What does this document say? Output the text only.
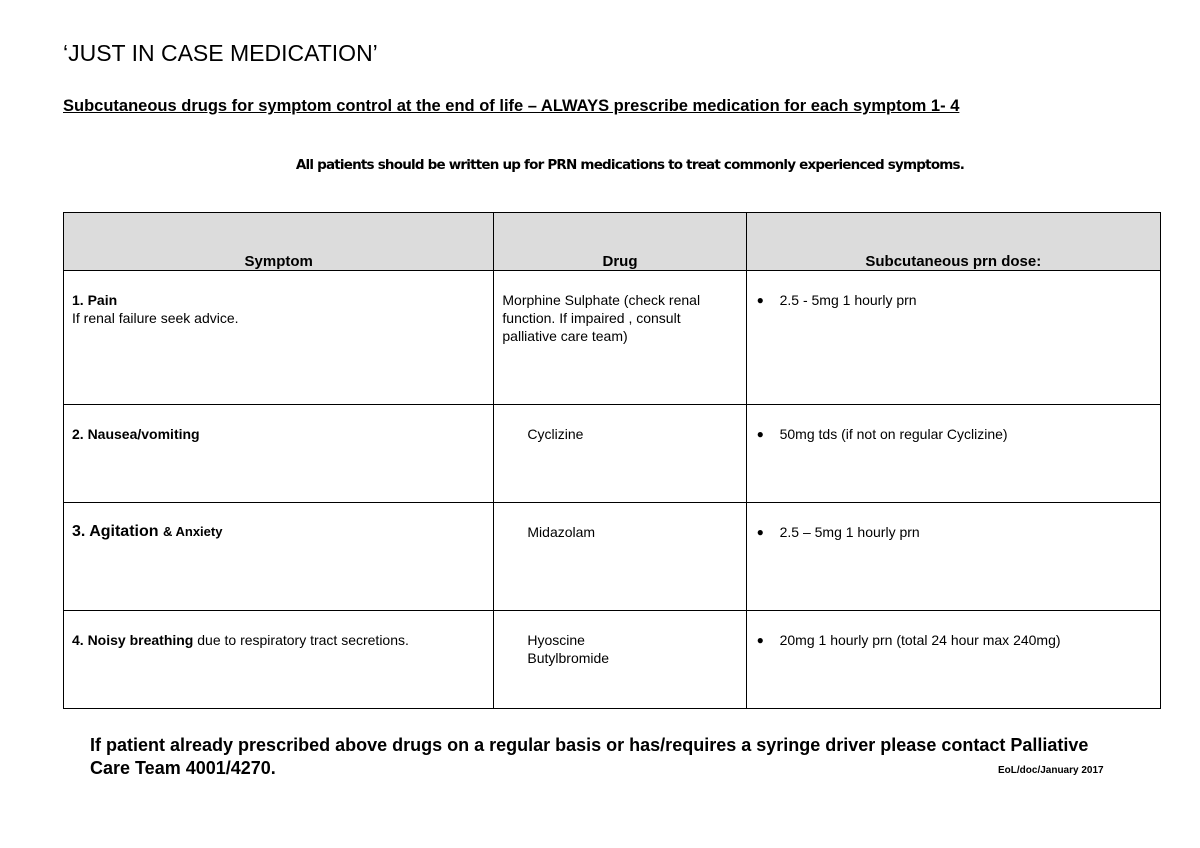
‘JUST IN CASE MEDICATION’

Subcutaneous drugs for symptom control at the end of life – ALWAYS prescribe medication for each symptom 1- 4

All patients should be written up for PRN medications to treat commonly experienced symptoms.

Symptom	Drug	Subcutaneous prn dose:

1. Pain
If renal failure seek advice.	Morphine Sulphate (check renal function. If impaired , consult palliative care team)	● 2.5 - 5mg 1 hourly prn

2. Nausea/vomiting	Cyclizine	● 50mg tds (if not on regular Cyclizine)

3. Agitation & Anxiety	Midazolam	● 2.5 – 5mg 1 hourly prn

4. Noisy breathing due to respiratory tract secretions.	Hyoscine
Butylbromide	● 20mg 1 hourly prn (total 24 hour max 240mg)

If patient already prescribed above drugs on a regular basis or has/requires a syringe driver please contact Palliative Care Team 4001/4270.	EoL/doc/January 2017
